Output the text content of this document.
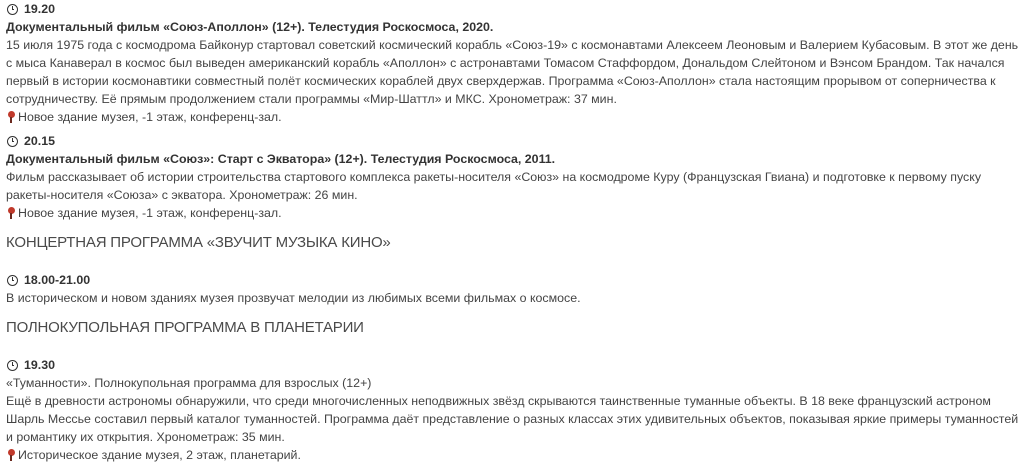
19.20
Документальный фильм «Союз-Аполлон» (12+). Телестудия Роскосмоса, 2020.
15 июля 1975 года с космодрома Байконур стартовал советский космический корабль «Союз-19» с космонавтами Алексеем Леоновым и Валерием Кубасовым. В этот же день с мыса Канаверал в космос был выведен американский корабль «Аполлон» с астронавтами Томасом Стаффордом, Дональдом Слейтоном и Вэнсом Брандом. Так начался первый в истории космонавтики совместный полёт космических кораблей двух сверхдержав. Программа «Союз-Аполлон» стала настоящим прорывом от соперничества к сотрудничеству. Её прямым продолжением стали программы «Мир-Шаттл» и МКС. Хронометраж: 37 мин.
Новое здание музея, -1 этаж, конференц-зал.
20.15
Документальный фильм «Союз»: Старт с Экватора» (12+). Телестудия Роскосмоса, 2011.
Фильм рассказывает об истории строительства стартового комплекса ракеты-носителя «Союз» на космодроме Куру (Французская Гвиана) и подготовке к первому пуску ракеты-носителя «Союза» с экватора. Хронометраж: 26 мин.
Новое здание музея, -1 этаж, конференц-зал.
КОНЦЕРТНАЯ ПРОГРАММА «ЗВУЧИТ МУЗЫКА КИНО»
18.00-21.00
В историческом и новом зданиях музея прозвучат мелодии из любимых всеми фильмах о космосе.
ПОЛНОКУПОЛЬНАЯ ПРОГРАММА В ПЛАНЕТАРИИ
19.30
«Туманности». Полнокупольная программа для взрослых (12+)
Ещё в древности астрономы обнаружили, что среди многочисленных неподвижных звёзд скрываются таинственные туманные объекты. В 18 веке французский астроном Шарль Мессье составил первый каталог туманностей. Программа даёт представление о разных классах этих удивительных объектов, показывая яркие примеры туманностей и романтику их открытия. Хронометраж: 35 мин.
Историческое здание музея, 2 этаж, планетарий.
